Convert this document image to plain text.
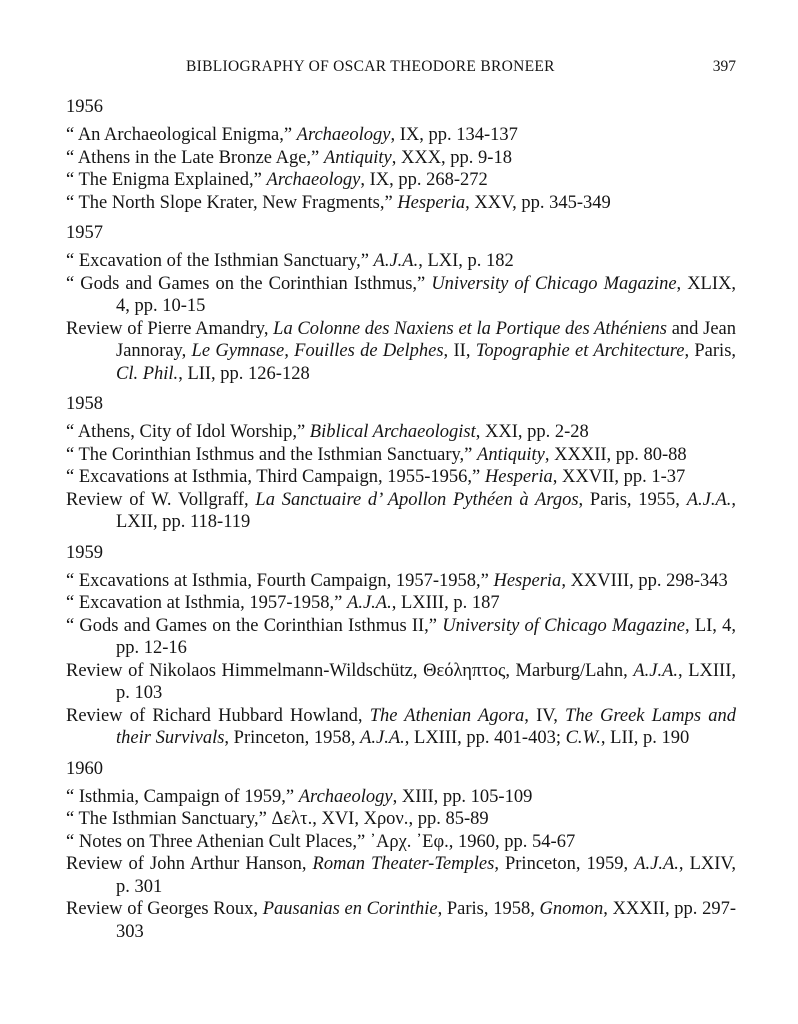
BIBLIOGRAPHY OF OSCAR THEODORE BRONEER	397
1956
“ An Archaeological Enigma,” Archaeology, IX, pp. 134-137
“ Athens in the Late Bronze Age,” Antiquity, XXX, pp. 9-18
“ The Enigma Explained,” Archaeology, IX, pp. 268-272
“ The North Slope Krater, New Fragments,” Hesperia, XXV, pp. 345-349
1957
“ Excavation of the Isthmian Sanctuary,” A.J.A., LXI, p. 182
“ Gods and Games on the Corinthian Isthmus,” University of Chicago Magazine, XLIX, 4, pp. 10-15
Review of Pierre Amandry, La Colonne des Naxiens et la Portique des Athéniens and Jean Jannoray, Le Gymnase, Fouilles de Delphes, II, Topographie et Architecture, Paris, Cl. Phil., LII, pp. 126-128
1958
“ Athens, City of Idol Worship,” Biblical Archaeologist, XXI, pp. 2-28
“ The Corinthian Isthmus and the Isthmian Sanctuary,” Antiquity, XXXII, pp. 80-88
“ Excavations at Isthmia, Third Campaign, 1955-1956,” Hesperia, XXVII, pp. 1-37
Review of W. Vollgraff, La Sanctuaire d’ Apollon Pythéen à Argos, Paris, 1955, A.J.A., LXII, pp. 118-119
1959
“ Excavations at Isthmia, Fourth Campaign, 1957-1958,” Hesperia, XXVIII, pp. 298-343
“ Excavation at Isthmia, 1957-1958,” A.J.A., LXIII, p. 187
“ Gods and Games on the Corinthian Isthmus II,” University of Chicago Magazine, LI, 4, pp. 12-16
Review of Nikolaos Himmelmann-Wildschütz, Θεόληπτος, Marburg/Lahn, A.J.A., LXIII, p. 103
Review of Richard Hubbard Howland, The Athenian Agora, IV, The Greek Lamps and their Survivals, Princeton, 1958, A.J.A., LXIII, pp. 401-403; C.W., LII, p. 190
1960
“ Isthmia, Campaign of 1959,” Archaeology, XIII, pp. 105-109
“ The Isthmian Sanctuary,” Δελτ., XVI, Χρον., pp. 85-89
“ Notes on Three Athenian Cult Places,” ᾿Αρχ. ᾿Εφ., 1960, pp. 54-67
Review of John Arthur Hanson, Roman Theater-Temples, Princeton, 1959, A.J.A., LXIV, p. 301
Review of Georges Roux, Pausanias en Corinthie, Paris, 1958, Gnomon, XXXII, pp. 297-303
